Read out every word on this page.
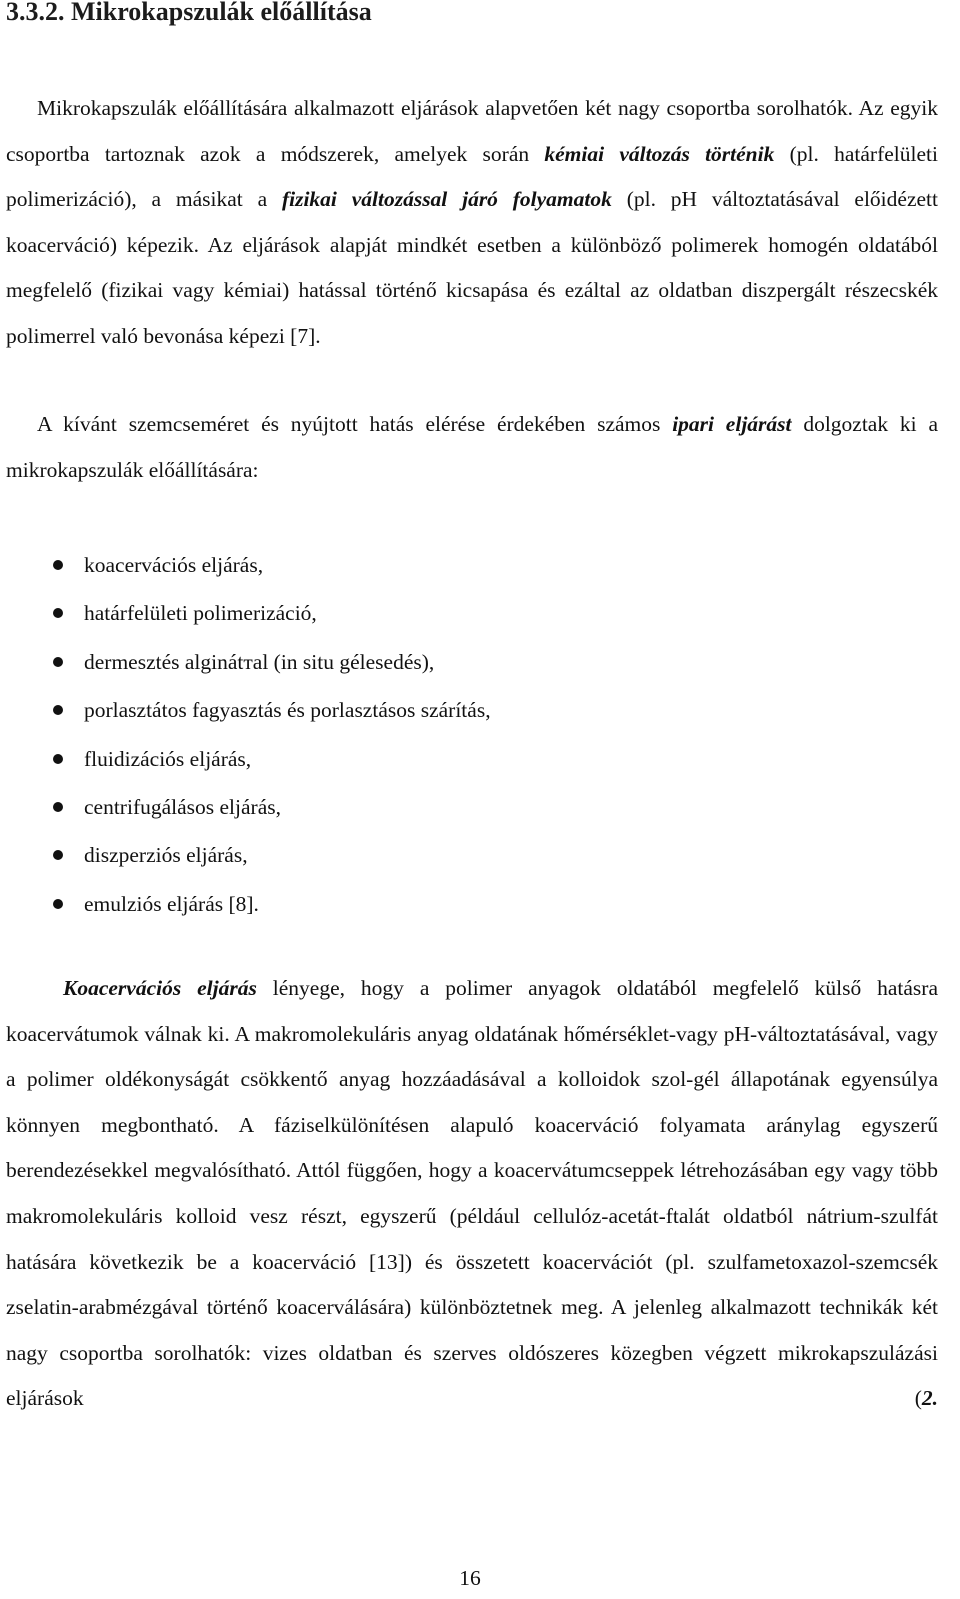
3.3.2. Mikrokapszulák előállítása

Mikrokapszulák előállítására alkalmazott eljárások alapvetően két nagy csoportba sorolhatók. Az egyik csoportba tartoznak azok a módszerek, amelyek során kémiai változás történik (pl. határfelületi polimerizáció), a másikat a fizikai változással járó folyamatok (pl. pH változtatásával előidézett koacerváció) képezik. Az eljárások alapját mindkét esetben a különböző polimerek homogén oldatából megfelelő (fizikai vagy kémiai) hatással történő kicsapása és ezáltal az oldatban diszpergált részecskék polimerrel való bevonása képezi [7].

A kívánt szemcseméret és nyújtott hatás elérése érdekében számos ipari eljárást dolgoztak ki a mikrokapszulák előállítására:

koacervációs eljárás,
határfelületi polimerizáció,
dermesztés alginátтal (in situ gélesedés),
porlasztátos fagyasztás és porlasztásos szárítás,
fluidizációs eljárás,
centrifugálásos eljárás,
diszperziós eljárás,
emulziós eljárás [8].

Koacervációs eljárás lényege, hogy a polimer anyagok oldatából megfelelő külső hatásra koacervátumok válnak ki. A makromolekuláris anyag oldatának hőmérséklet-vagy pH-változtatásával, vagy a polimer oldékonyságát csökkentő anyag hozzáadásával a kolloidok szol-gél állapotának egyensúlya könnyen megbontható. A fáziselkülönítésen alapuló koacerváció folyamata aránylag egyszerű berendezésekkel megvalósítható. Attól függően, hogy a koacervátumcseppek létrehozásában egy vagy több makromolekuláris kolloid vesz részt, egyszerű (például cellulóz-acetát-ftalát oldatból nátrium-szulfát hatására következik be a koacerváció [13]) és összetett koacervációt (pl. szulfametoxazol-szemcsék zselatin-arabmézgával történő koacerválására) különböztetnek meg. A jelenleg alkalmazott technikák két nagy csoportba sorolhatók: vizes oldatban és szerves oldószeres közegben végzett mikrokapszulázási eljárások (2.

16
